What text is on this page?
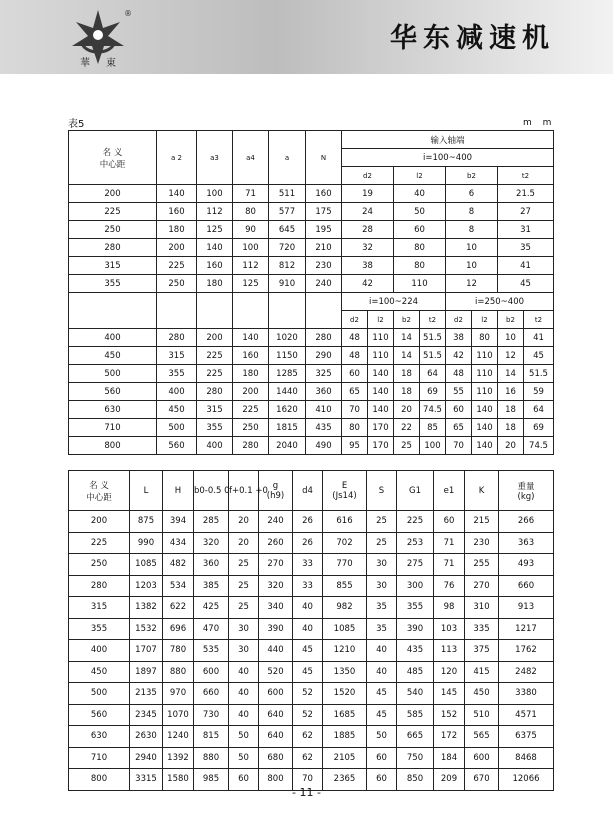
®
華 東
华东减速机
表5	m m
名 义
中心距	a 2	a3	a4	a	N	输入轴端							
						i=100~400							
						d2		l2		b2		t2	
200	140	100	71	511	160	19		40		6		21.5	
225	160	112	80	577	175	24		50		8		27	
250	180	125	90	645	195	28		60		8		31	
280	200	140	100	720	210	32		80		10		35	
315	225	160	112	812	230	38		80		10		41	
355	250	180	125	910	240	42		110		12		45	
						i=100~224				i=250~400			
						d2	l2	b2	t2	d2	l2	b2	t2
400	280	200	140	1020	280	48	110	14	51.5	38	80	10	41
450	315	225	160	1150	290	48	110	14	51.5	42	110	12	45
500	355	225	180	1285	325	60	140	18	64	48	110	14	51.5
560	400	280	200	1440	360	65	140	18	69	55	110	16	59
630	450	315	225	1620	410	70	140	20	74.5	60	140	18	64
710	500	355	250	1815	435	80	170	22	85	65	140	18	69
800	560	400	280	2040	490	95	170	25	100	70	140	20	74.5
名 义
中心距	L	H	b0-0.5 0	f+0.1 +0	g
(h9)	d4	E
(Js14)	S	G1	e1	K	重量
(kg)
200	875	394	285	20	240	26	616	25	225	60	215	266
225	990	434	320	20	260	26	702	25	253	71	230	363
250	1085	482	360	25	270	33	770	30	275	71	255	493
280	1203	534	385	25	320	33	855	30	300	76	270	660
315	1382	622	425	25	340	40	982	35	355	98	310	913
355	1532	696	470	30	390	40	1085	35	390	103	335	1217
400	1707	780	535	30	440	45	1210	40	435	113	375	1762
450	1897	880	600	40	520	45	1350	40	485	120	415	2482
500	2135	970	660	40	600	52	1520	45	540	145	450	3380
560	2345	1070	730	40	640	52	1685	45	585	152	510	4571
630	2630	1240	815	50	640	62	1885	50	665	172	565	6375
710	2940	1392	880	50	680	62	2105	60	750	184	600	8468
800	3315	1580	985	60	800	70	2365	60	850	209	670	12066
- 11 -
